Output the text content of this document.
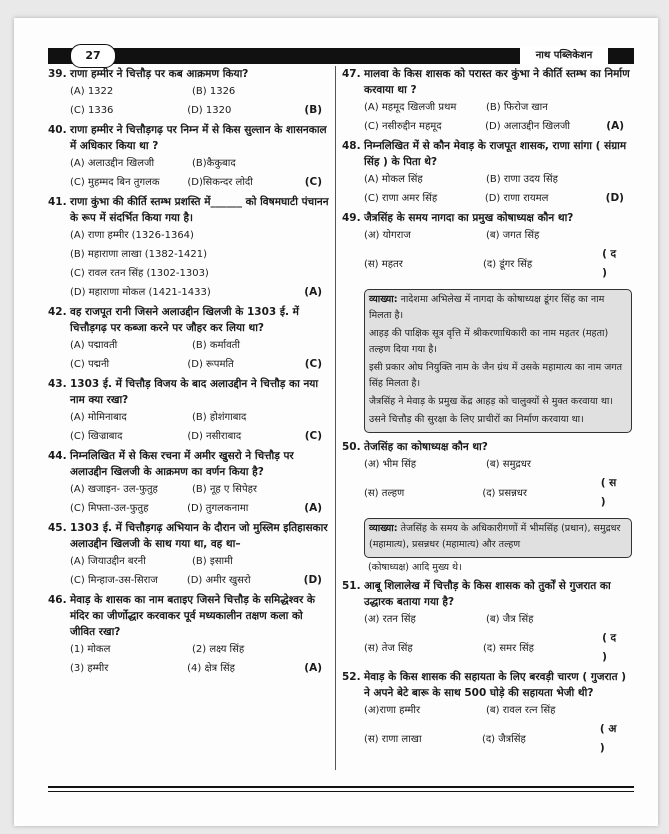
27	नाथ पब्लिकेशन
39. राणा हम्मीर ने चित्तौड़ पर कब आक्रमण किया?
(A) 1322	(B) 1326
(C) 1336	(D) 1320	(B)
40. राणा हम्मीर ने चित्तौड़गढ़ पर निम्न में से किस सुल्तान के शासनकाल में अधिकार किया था ?
(A) अलाउद्दीन खिलजी	(B)कैकुबाद
(C) मुहम्मद बिन तुगलक	(D)सिकन्दर लोदी	(C)
41. राणा कुंभा की कीर्ति स्तम्भ प्रशस्ति में______ को विषमघाटी पंचानन के रूप में संदर्भित किया गया है।
(A) राणा हम्मीर (1326-1364)
(B) महाराणा लाखा (1382-1421)
(C) रावल रतन सिंह (1302-1303)
(D) महाराणा मोकल (1421-1433)	(A)
42. वह राजपूत रानी जिसने अलाउद्दीन खिलजी के 1303 ई. में चित्तौड़गढ़ पर कब्जा करने पर जौहर कर लिया था?
(A) पद्मावती	(B) कर्मावती
(C) पद्मनी	(D) रूपमति	(C)
43. 1303 ई. में चित्तौड़ विजय के बाद अलाउद्दीन ने चित्तौड़ का नया नाम क्या रखा?
(A) मोमिनाबाद	(B) होशंगाबाद
(C) खिज्राबाद	(D) नसीराबाद	(C)
44. निम्नलिखित में से किस रचना में अमीर खुसरो ने चित्तौड़ पर अलाउद्दीन खिलजी के आक्रमण का वर्णन किया है?
(A) खजाइन- उल-फुतुह	(B) नूह ए सिपेहर
(C) मिफ्ता-उल-फुतुह	(D) तुगलकनामा	(A)
45. 1303 ई. में चित्तौड़गढ़ अभियान के दौरान जो मुस्लिम इतिहासकार अलाउद्दीन खिलजी के साथ गया था, वह था–
(A) जियाउद्दीन बरनी	(B) इसामी
(C) मिन्हाज-उस-सिराज	(D) अमीर खुसरो	(D)
46. मेवाड़ के शासक का नाम बताइए जिसने चित्तौड़ के समिद्धेश्वर के मंदिर का जीर्णोद्धार करवाकर पूर्व मध्यकालीन तक्षण कला को जीवित रखा?
(1) मोकल	(2) लक्ष्य सिंह
(3) हम्मीर	(4) क्षेत्र सिंह	(A)
47. मालवा के किस शासक को परास्त कर कुंभा ने कीर्ति स्तम्भ का निर्माण करवाया था ?
(A) महमूद खिलजी प्रथम	(B) फिरोज खान
(C) नसीरुद्दीन महमूद	(D) अलाउद्दीन खिलजी	(A)
48. निम्नलिखित में से कौन मेवाड़ के राजपूत शासक, राणा सांगा ( संग्राम सिंह ) के पिता थे?
(A) मोकल सिंह	(B) राणा उदय सिंह
(C) राणा अमर सिंह	(D) राणा रायमल	(D)
49. जैत्रसिंह के समय नागदा का प्रमुख कोषाध्यक्ष कौन था?
(अ) योगराज	(ब) जगत सिंह
(स) महतर	(द) डूंगर सिंह
( द )

व्याख्या: नादेशमा अभिलेख में नागदा के कोषाध्यक्ष डूंगर सिंह का नाम मिलता है।

आहड़ की पाक्षिक सूत्र वृत्ति में श्रीकरणाधिकारी का नाम महतर (महता) तल्हण दिया गया है।

इसी प्रकार ओघ नियुक्ति नाम के जैन ग्रंथ में उसके महामात्य का नाम जगत सिंह मिलता है।

जैत्रसिंह ने मेवाड़ के प्रमुख केंद्र आहड़ को चालुक्यों से मुक्त करवाया था।

उसने चित्तौड़ की सुरक्षा के लिए प्राचीरों का निर्माण करवाया था।

50. तेजसिंह का कोषाध्यक्ष कौन था?
(अ) भीम सिंह	(ब) समुद्रधर
(स) तल्हण	(द) प्रसन्नधर
( स )

व्याख्या: तेजसिंह के समय के अधिकारीगणों में भीमसिंह (प्रधान), समुद्रधर (महामात्य), प्रसन्नधर (महामात्य) और तल्हण

(कोषाध्यक्ष) आदि मुख्य थे।
51. आबू शिलालेख में चित्तौड़ के किस शासक को तुर्कों से गुजरात का उद्धारक बताया गया है?
(अ) रतन सिंह	(ब) जैत्र सिंह
(स) तेज सिंह	(द) समर सिंह
( द )
52. मेवाड़ के किस शासक की सहायता के लिए बरवड़ी चारण ( गुजरात ) ने अपने बेटे बारू के साथ 500 घोड़े की सहायता भेजी थी?
(अ)राणा हम्मीर	(ब) रावल रत्न सिंह
(स) राणा लाखा	(द) जैत्रसिंह
( अ )
